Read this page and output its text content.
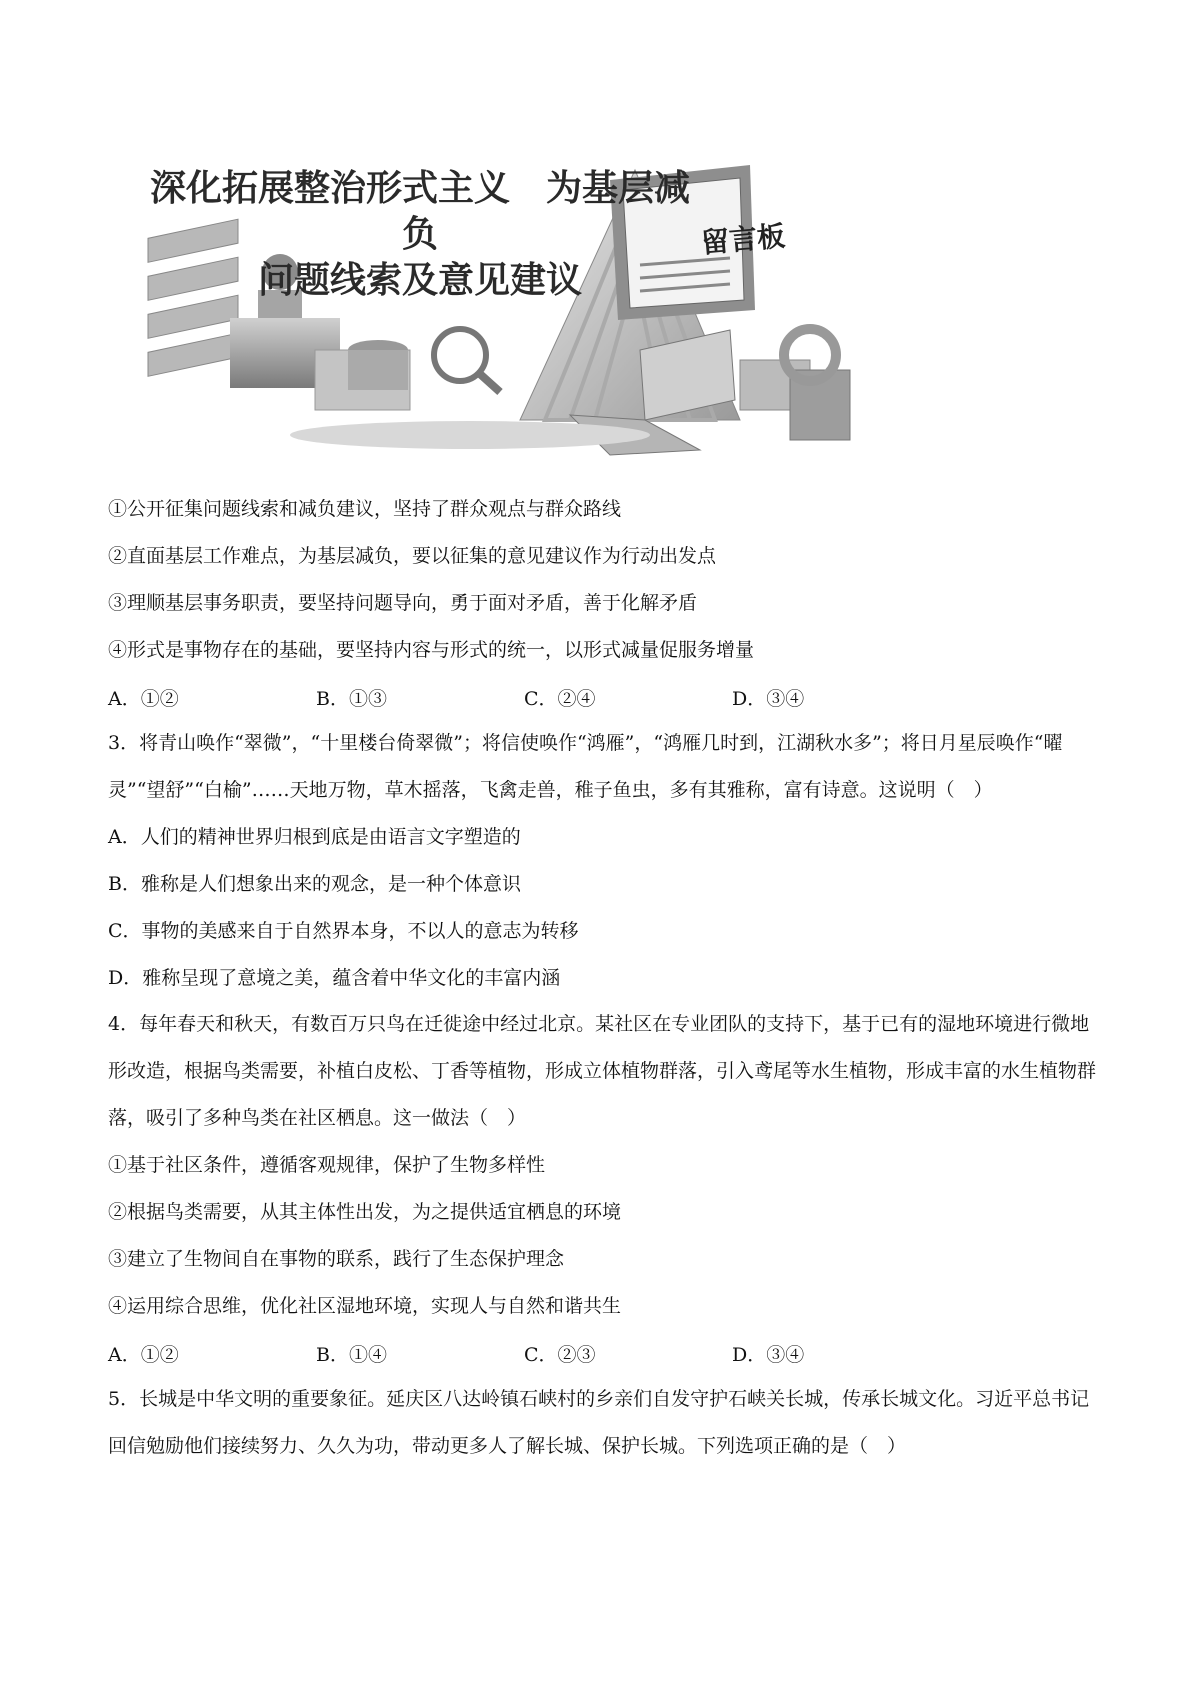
深化拓展整治形式主义　为基层减负
问题线索及意见建议
留言板
①公开征集问题线索和减负建议，坚持了群众观点与群众路线
②直面基层工作难点，为基层减负，要以征集的意见建议作为行动出发点
③理顺基层事务职责，要坚持问题导向，勇于面对矛盾，善于化解矛盾
④形式是事物存在的基础，要坚持内容与形式的统一，以形式减量促服务增量
A．①②	B．①③	C．②④	D．③④
3．将青山唤作“翠微”，“十里楼台倚翠微”；将信使唤作“鸿雁”，“鸿雁几时到，江湖秋水多”；将日月星辰唤作“曜灵”“望舒”“白榆”……天地万物，草木摇落，飞禽走兽，稚子鱼虫，多有其雅称，富有诗意。这说明（　）
A．人们的精神世界归根到底是由语言文字塑造的
B．雅称是人们想象出来的观念，是一种个体意识
C．事物的美感来自于自然界本身，不以人的意志为转移
D．雅称呈现了意境之美，蕴含着中华文化的丰富内涵
4．每年春天和秋天，有数百万只鸟在迁徙途中经过北京。某社区在专业团队的支持下，基于已有的湿地环境进行微地形改造，根据鸟类需要，补植白皮松、丁香等植物，形成立体植物群落，引入鸢尾等水生植物，形成丰富的水生植物群落，吸引了多种鸟类在社区栖息。这一做法（　）
①基于社区条件，遵循客观规律，保护了生物多样性
②根据鸟类需要，从其主体性出发，为之提供适宜栖息的环境
③建立了生物间自在事物的联系，践行了生态保护理念
④运用综合思维，优化社区湿地环境，实现人与自然和谐共生
A．①②	B．①④	C．②③	D．③④
5．长城是中华文明的重要象征。延庆区八达岭镇石峡村的乡亲们自发守护石峡关长城，传承长城文化。习近平总书记回信勉励他们接续努力、久久为功，带动更多人了解长城、保护长城。下列选项正确的是（　）
